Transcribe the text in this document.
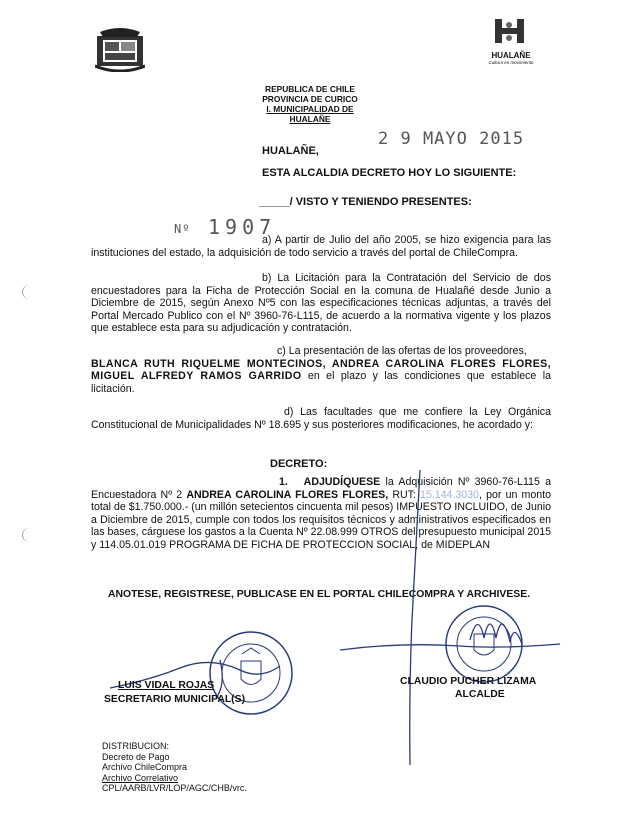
HUALAÑE
Cultura en movimiento
REPUBLICA DE CHILE
PROVINCIA DE CURICO
I. MUNICIPALIDAD DE HUALAÑE
HUALAÑE,
2 9 MAYO 2015
ESTA ALCALDIA DECRETO HOY LO SIGUIENTE:
_____/ VISTO Y TENIENDO PRESENTES:
Nº 1907
a) A partir de Julio del año 2005, se hizo exigencia para las instituciones del estado, la adquisición de todo servicio a través del portal de ChileCompra.
b) La Licitación para la Contratación del Servicio de dos encuestadores para la Ficha de Protección Social en la comuna de Hualañé desde Junio a Diciembre de 2015, según Anexo Nº5 con las especificaciones técnicas adjuntas, a través del Portal Mercado Publico con el Nº 3960-76-L115, de acuerdo a la normativa vigente y los plazos que establece esta para su adjudicación y contratación.
c) La presentación de las ofertas de los proveedores,
BLANCA RUTH RIQUELME MONTECINOS, ANDREA CAROLINA FLORES FLORES, MIGUEL ALFREDY RAMOS GARRIDO en el plazo y las condiciones que establece la licitación.
d) Las facultades que me confiere la Ley Orgánica Constitucional de Municipalidades Nº 18.695 y sus posteriores modificaciones, he acordado y:
DECRETO:
1. ADJUDÍQUESE la Adquisición Nº 3960-76-L115 a Encuestadora Nº 2 ANDREA CAROLINA FLORES FLORES, RUT: 15.144.3030, por un monto total de $1.750.000.- (un millón setecientos cincuenta mil pesos) IMPUESTO INCLUIDO, de Junio a Diciembre de 2015, cumple con todos los requisitos técnicos y administrativos especificados en las bases, cárguese los gastos a la Cuenta Nº 22.08.999 OTROS del presupuesto municipal 2015 y 114.05.01.019 PROGRAMA DE FICHA DE PROTECCION SOCIAL, de MIDEPLAN
ANOTESE, REGISTRESE, PUBLICASE EN EL PORTAL CHILECOMPRA Y ARCHIVESE.
LUIS VIDAL ROJAS
SECRETARIO MUNICIPAL(S)
CLAUDIO PUCHER LIZAMA
ALCALDE
DISTRIBUCION:
Decreto de Pago
Archivo ChileCompra
Archivo Correlativo
CPL/AARB/LVR/LOP/AGC/CHB/vrc.
